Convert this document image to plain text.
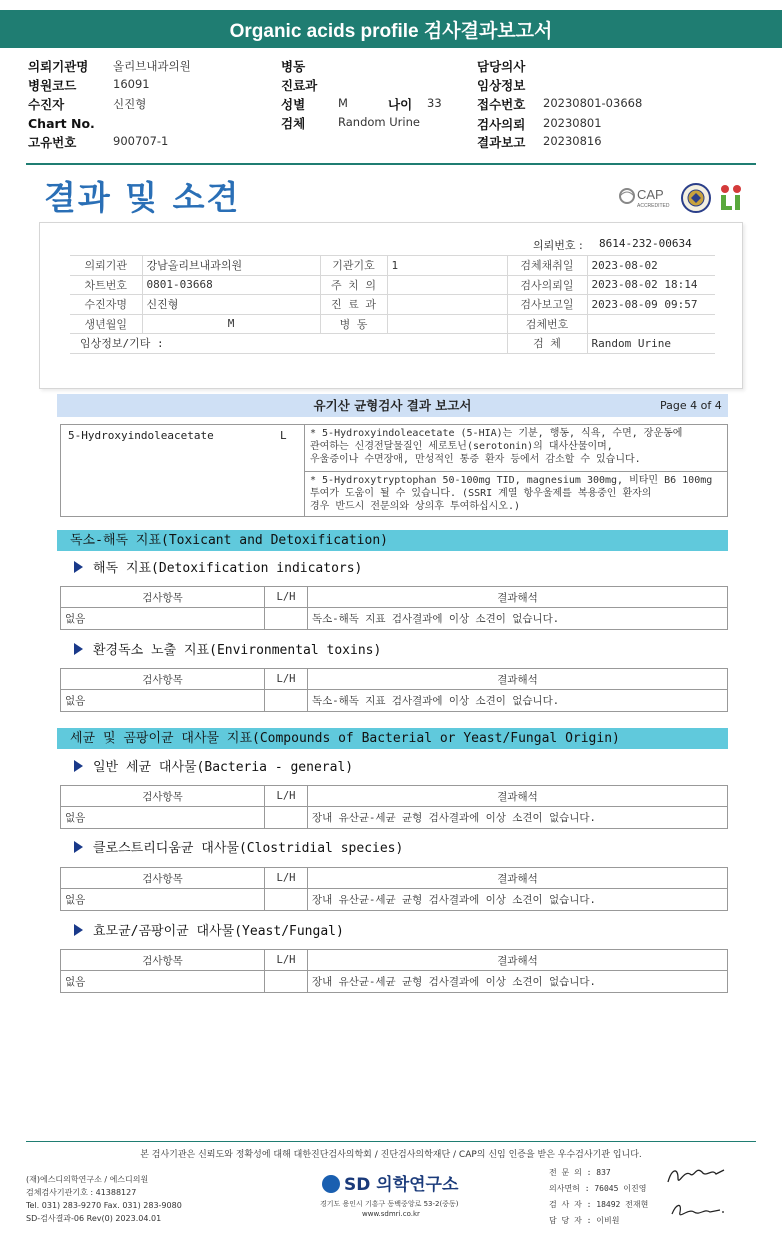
Organic acids profile 검사결과보고서
의뢰기관명 올리브내과의원
병원코드	16091
수진자	신진형
Chart No.
고유번호	900707-1
병동
진료과
성별	M	나이 33
검체	Random Urine
담당의사
임상정보
접수번호 20230801-03668
검사의뢰 20230801
결과보고 20230816
결과 및 소견	CAP
ACCREDITED
의뢰번호 : 8614-232-00634
의뢰기관	강남올리브내과의원	기관기호	1	검체채취일	2023-08-02
차트번호	0801-03668	주 치 의		검사의뢰일	2023-08-02 18:14
수진자명	신진형	진 료 과		검사보고일	2023-08-09 09:57
생년월일	M	병 동		검체번호	
임상정보/기타 :				검 체	Random Urine
유기산 균형검사 결과 보고서	Page 4 of 4
5-Hydroxyindoleacetate	L * 5-Hydroxyindoleacetate (5-HIA)는 기분, 행동, 식욕, 수면, 장운동에
관여하는 신경전달물질인 세로토닌(serotonin)의 대사산물이며,
우울증이나 수면장애, 만성적인 통증 환자 등에서 감소할 수 있습니다.
* 5-Hydroxytryptophan 50-100mg TID, magnesium 300mg, 비타민 B6 100mg
투여가 도움이 될 수 있습니다. (SSRI 계열 항우울제를 복용중인 환자의
경우 반드시 전문의와 상의후 투여하십시오.)
독소-해독 지표(Toxicant and Detoxification)
해독 지표(Detoxification indicators)
검사항목	L/H	결과해석
없음		독소-해독 지표 검사결과에 이상 소견이 없습니다.
환경독소 노출 지표(Environmental toxins)
검사항목	L/H	결과해석
없음		독소-해독 지표 검사결과에 이상 소견이 없습니다.
세균 및 곰팡이균 대사물 지표(Compounds of Bacterial or Yeast/Fungal Origin)
일반 세균 대사물(Bacteria - general)
검사항목	L/H	결과해석
없음		장내 유산균-세균 균형 검사결과에 이상 소견이 없습니다.
클로스트리디움균 대사물(Clostridial species)
검사항목	L/H	결과해석
없음		장내 유산균-세균 균형 검사결과에 이상 소견이 없습니다.
효모균/곰팡이균 대사물(Yeast/Fungal)
검사항목	L/H	결과해석
없음		장내 유산균-세균 균형 검사결과에 이상 소견이 없습니다.
본 검사기관은 신뢰도와 정확성에 대해 대한진단검사의학회 / 진단검사의학재단 / CAP의 신임 인증을 받은 우수검사기관 입니다.
(재)에스디의학연구소 / 에스디의원
검체검사기관기호 : 41388127
Tel. 031) 283-9270 Fax. 031) 283-9080
SD-검사결과-06 Rev(0) 2023.04.01
SD 의학연구소
경기도 용인시 기흥구 동백중앙로 53-2(중동)
www.sdmri.co.kr
전 문 의 : 837
의사면허 : 76045 이진영
검 사 자 : 18492 전재현
담 당 자 : 이비원
